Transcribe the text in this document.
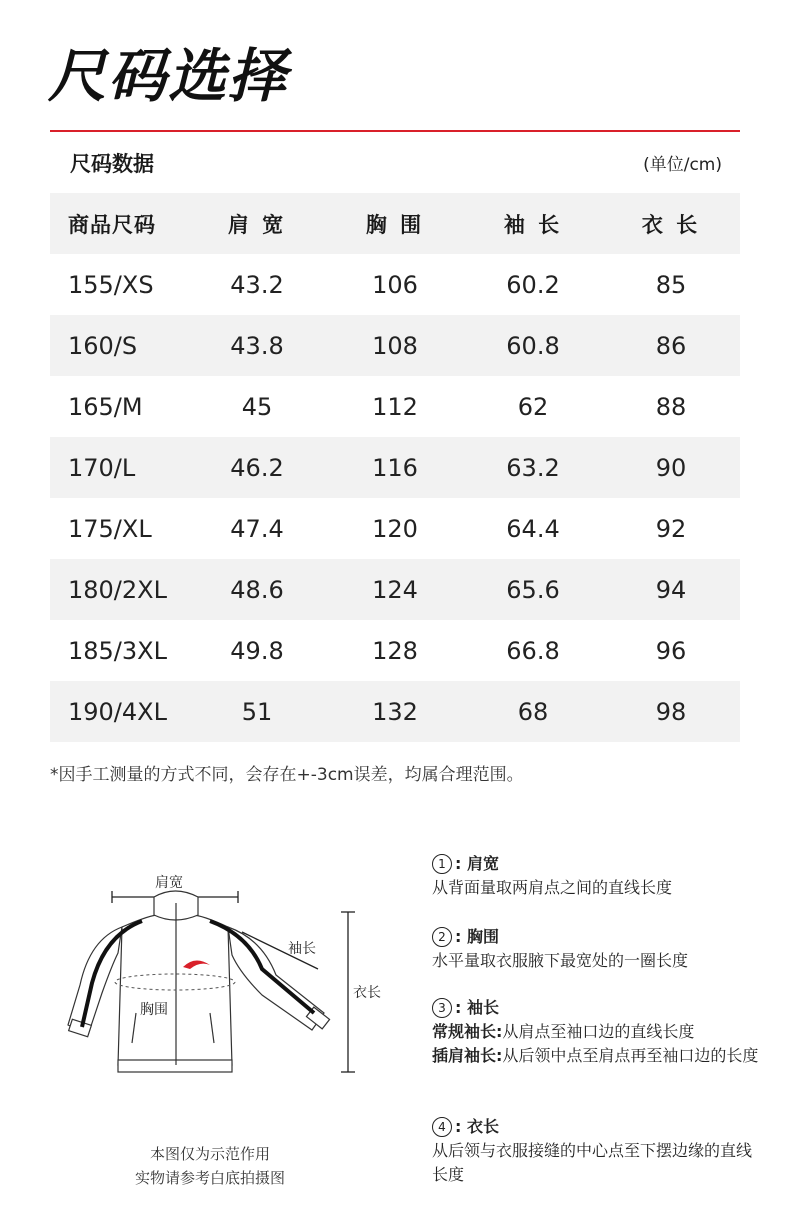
尺码选择
尺码数据	(单位/cm)
商品尺码	肩 宽	胸 围	袖 长	衣 长
155/XS	43.2	106	60.2	85
160/S	43.8	108	60.8	86
165/M	45	112	62	88
170/L	46.2	116	63.2	90
175/XL	47.4	120	64.4	92
180/2XL	48.6	124	65.6	94
185/3XL	49.8	128	66.8	96
190/4XL	51	132	68	98
*因手工测量的方式不同，会存在+-3cm误差，均属合理范围。
肩宽
衣长
袖长
胸围
本图仅为示范作用
实物请参考白底拍摄图
1 : 肩宽
从背面量取两肩点之间的直线长度
2 : 胸围
水平量取衣服腋下最宽处的一圈长度
3 : 袖长
常规袖长: 从肩点至袖口边的直线长度
插肩袖长: 从后领中点至肩点再至袖口边的长度
4 : 衣长
从后领与衣服接缝的中心点至下摆边缘的直线长度
